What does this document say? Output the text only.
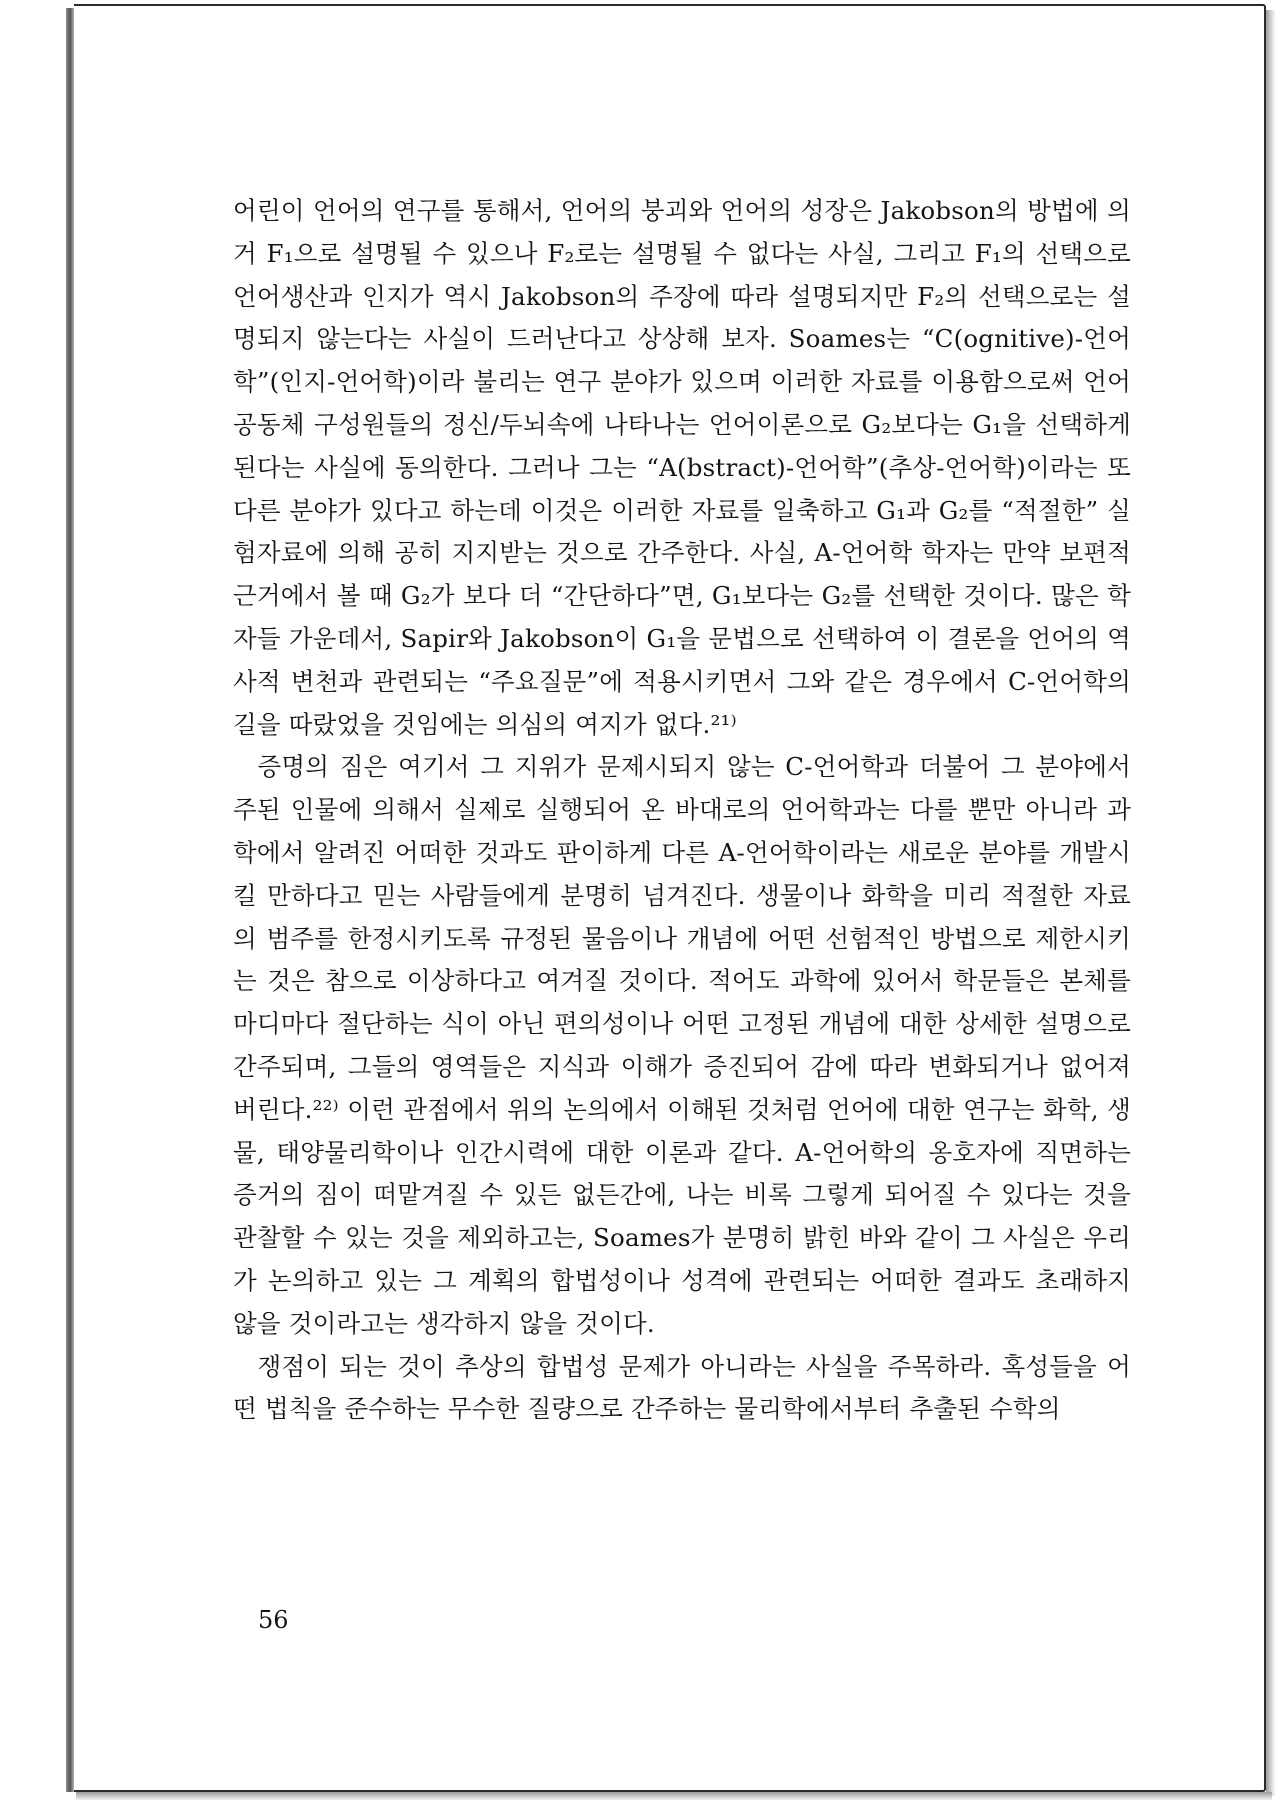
어린이 언어의 연구를 통해서, 언어의 붕괴와 언어의 성장은 Jakobson의 방법에 의거 F₁으로 설명될 수 있으나 F₂로는 설명될 수 없다는 사실, 그리고 F₁의 선택으로 언어생산과 인지가 역시 Jakobson의 주장에 따라 설명되지만 F₂의 선택으로는 설명되지 않는다는 사실이 드러난다고 상상해 보자. Soames는 “C(ognitive)-언어학”(인지-언어학)이라 불리는 연구 분야가 있으며 이러한 자료를 이용함으로써 언어 공동체 구성원들의 정신/두뇌속에 나타나는 언어이론으로 G₂보다는 G₁을 선택하게 된다는 사실에 동의한다. 그러나 그는 “A(bstract)-언어학”(추상-언어학)이라는 또 다른 분야가 있다고 하는데 이것은 이러한 자료를 일축하고 G₁과 G₂를 “적절한” 실험자료에 의해 공히 지지받는 것으로 간주한다. 사실, A-언어학 학자는 만약 보편적 근거에서 볼 때 G₂가 보다 더 “간단하다”면, G₁보다는 G₂를 선택한 것이다. 많은 학자들 가운데서, Sapir와 Jakobson이 G₁을 문법으로 선택하여 이 결론을 언어의 역사적 변천과 관련되는 “주요질문”에 적용시키면서 그와 같은 경우에서 C-언어학의 길을 따랐었을 것임에는 의심의 여지가 없다.²¹⁾

증명의 짐은 여기서 그 지위가 문제시되지 않는 C-언어학과 더불어 그 분야에서 주된 인물에 의해서 실제로 실행되어 온 바대로의 언어학과는 다를 뿐만 아니라 과학에서 알려진 어떠한 것과도 판이하게 다른 A-언어학이라는 새로운 분야를 개발시킬 만하다고 믿는 사람들에게 분명히 넘겨진다. 생물이나 화학을 미리 적절한 자료의 범주를 한정시키도록 규정된 물음이나 개념에 어떤 선험적인 방법으로 제한시키는 것은 참으로 이상하다고 여겨질 것이다. 적어도 과학에 있어서 학문들은 본체를 마디마다 절단하는 식이 아닌 편의성이나 어떤 고정된 개념에 대한 상세한 설명으로 간주되며, 그들의 영역들은 지식과 이해가 증진되어 감에 따라 변화되거나 없어져 버린다.²²⁾ 이런 관점에서 위의 논의에서 이해된 것처럼 언어에 대한 연구는 화학, 생물, 태양물리학이나 인간시력에 대한 이론과 같다. A-언어학의 옹호자에 직면하는 증거의 짐이 떠맡겨질 수 있든 없든간에, 나는 비록 그렇게 되어질 수 있다는 것을 관찰할 수 있는 것을 제외하고는, Soames가 분명히 밝힌 바와 같이 그 사실은 우리가 논의하고 있는 그 계획의 합법성이나 성격에 관련되는 어떠한 결과도 초래하지 않을 것이라고는 생각하지 않을 것이다.

쟁점이 되는 것이 추상의 합법성 문제가 아니라는 사실을 주목하라. 혹성들을 어떤 법칙을 준수하는 무수한 질량으로 간주하는 물리학에서부터 추출된 수학의

56
